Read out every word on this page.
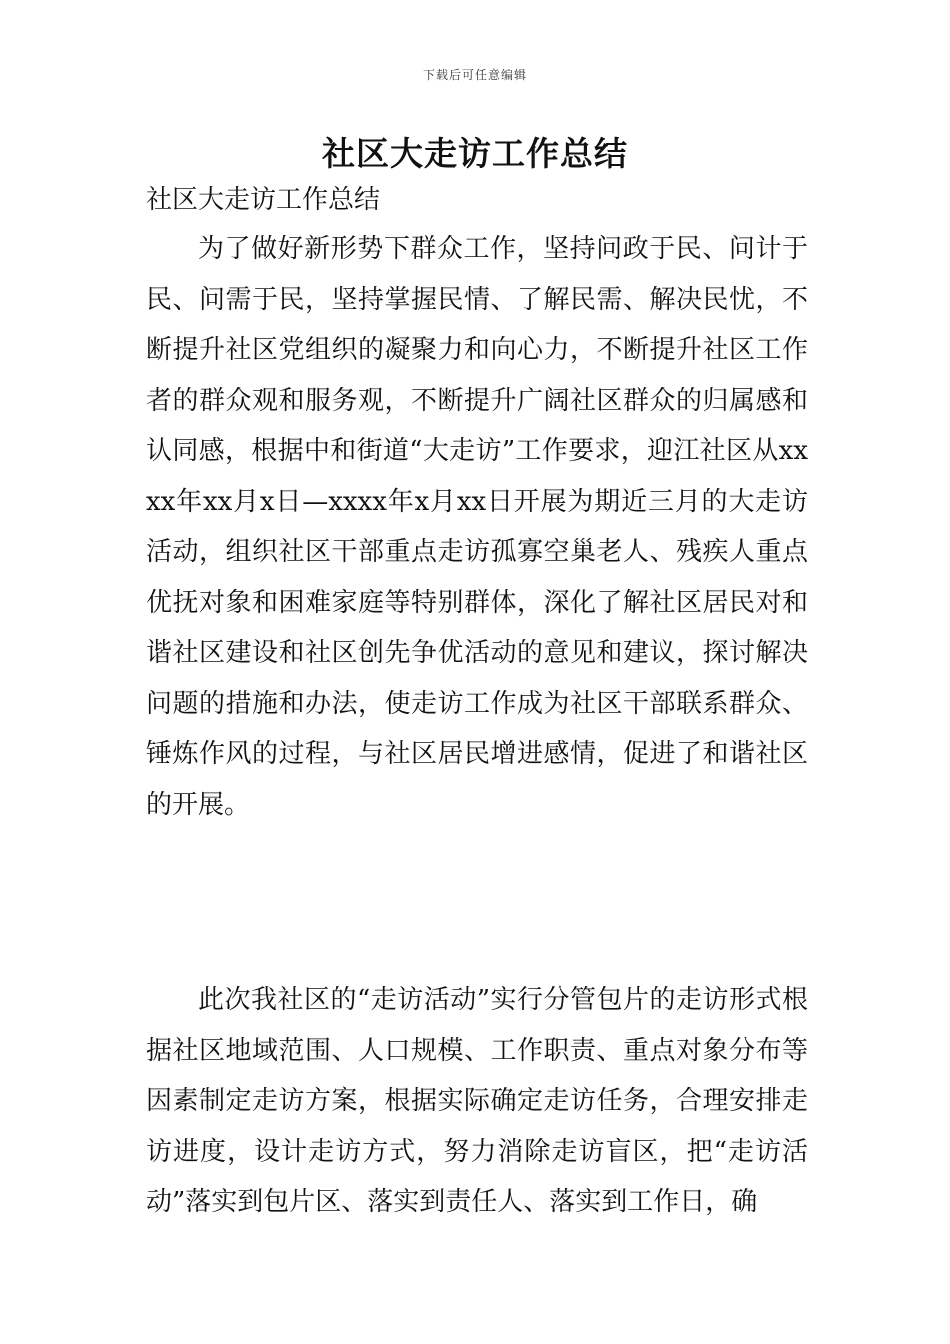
下载后可任意编辑
社区大走访工作总结

社区大走访工作总结

为了做好新形势下群众工作，坚持问政于民、问计于民、问需于民，坚持掌握民情、了解民需、解决民忧，不断提升社区党组织的凝聚力和向心力，不断提升社区工作者的群众观和服务观，不断提升广阔社区群众的归属感和认同感，根据中和街道“大走访”工作要求，迎江社区从xxxx年xx月x日—xxxx年x月xx日开展为期近三月的大走访活动，组织社区干部重点走访孤寡空巢老人、残疾人重点优抚对象和困难家庭等特别群体，深化了解社区居民对和谐社区建设和社区创先争优活动的意见和建议，探讨解决问题的措施和办法，使走访工作成为社区干部联系群众、锤炼作风的过程，与社区居民增进感情，促进了和谐社区的开展。

此次我社区的“走访活动”实行分管包片的走访形式根据社区地域范围、人口规模、工作职责、重点对象分布等因素制定走访方案，根据实际确定走访任务，合理安排走访进度，设计走访方式，努力消除走访盲区，把“走访活动”落实到包片区、落实到责任人、落实到工作日，确
